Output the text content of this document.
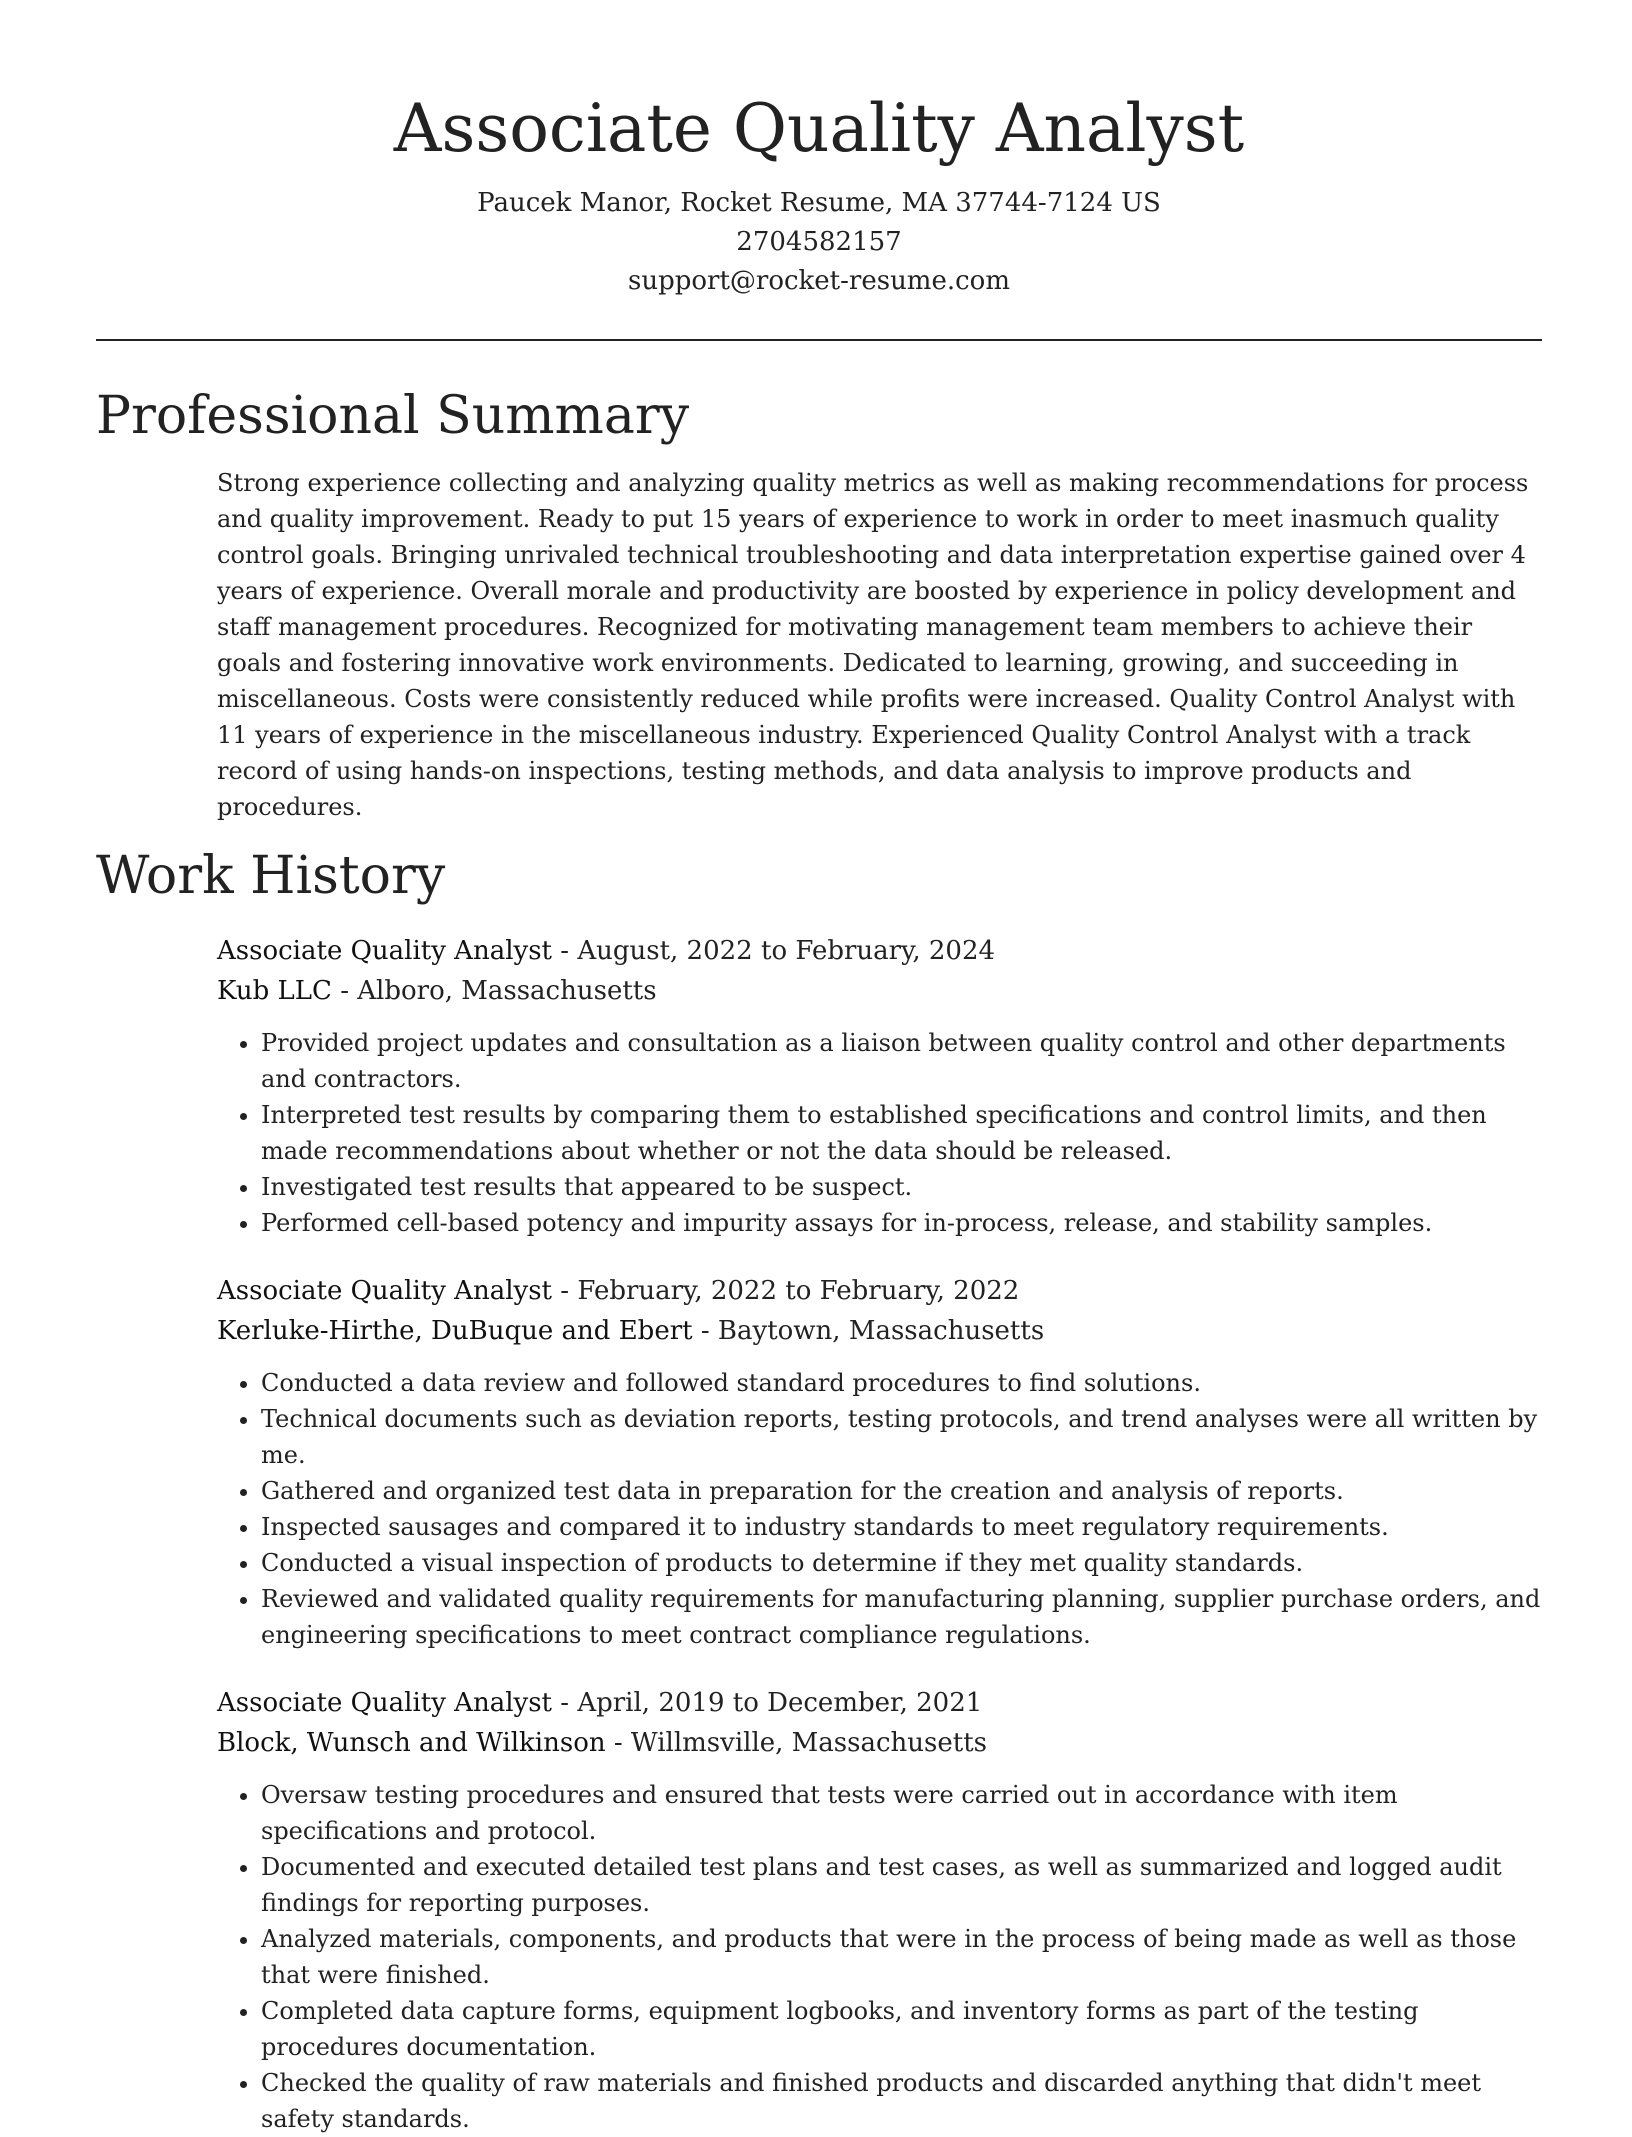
Associate Quality Analyst
Paucek Manor, Rocket Resume, MA 37744-7124 US
2704582157
support@rocket-resume.com
Professional Summary
Strong experience collecting and analyzing quality metrics as well as making recommendations for process and quality improvement. Ready to put 15 years of experience to work in order to meet inasmuch quality control goals. Bringing unrivaled technical troubleshooting and data interpretation expertise gained over 4 years of experience. Overall morale and productivity are boosted by experience in policy development and staff management procedures. Recognized for motivating management team members to achieve their goals and fostering innovative work environments. Dedicated to learning, growing, and succeeding in miscellaneous. Costs were consistently reduced while profits were increased. Quality Control Analyst with 11 years of experience in the miscellaneous industry. Experienced Quality Control Analyst with a track record of using hands-on inspections, testing methods, and data analysis to improve products and procedures.
Work History
Associate Quality Analyst - August, 2022 to February, 2024
Kub LLC - Alboro, Massachusetts
• Provided project updates and consultation as a liaison between quality control and other departments and contractors.
• Interpreted test results by comparing them to established specifications and control limits, and then made recommendations about whether or not the data should be released.
• Investigated test results that appeared to be suspect.
• Performed cell-based potency and impurity assays for in-process, release, and stability samples.
Associate Quality Analyst - February, 2022 to February, 2022
Kerluke-Hirthe, DuBuque and Ebert - Baytown, Massachusetts
• Conducted a data review and followed standard procedures to find solutions.
• Technical documents such as deviation reports, testing protocols, and trend analyses were all written by me.
• Gathered and organized test data in preparation for the creation and analysis of reports.
• Inspected sausages and compared it to industry standards to meet regulatory requirements.
• Conducted a visual inspection of products to determine if they met quality standards.
• Reviewed and validated quality requirements for manufacturing planning, supplier purchase orders, and engineering specifications to meet contract compliance regulations.
Associate Quality Analyst - April, 2019 to December, 2021
Block, Wunsch and Wilkinson - Willmsville, Massachusetts
• Oversaw testing procedures and ensured that tests were carried out in accordance with item specifications and protocol.
• Documented and executed detailed test plans and test cases, as well as summarized and logged audit findings for reporting purposes.
• Analyzed materials, components, and products that were in the process of being made as well as those that were finished.
• Completed data capture forms, equipment logbooks, and inventory forms as part of the testing procedures documentation.
• Checked the quality of raw materials and finished products and discarded anything that didn't meet safety standards.
